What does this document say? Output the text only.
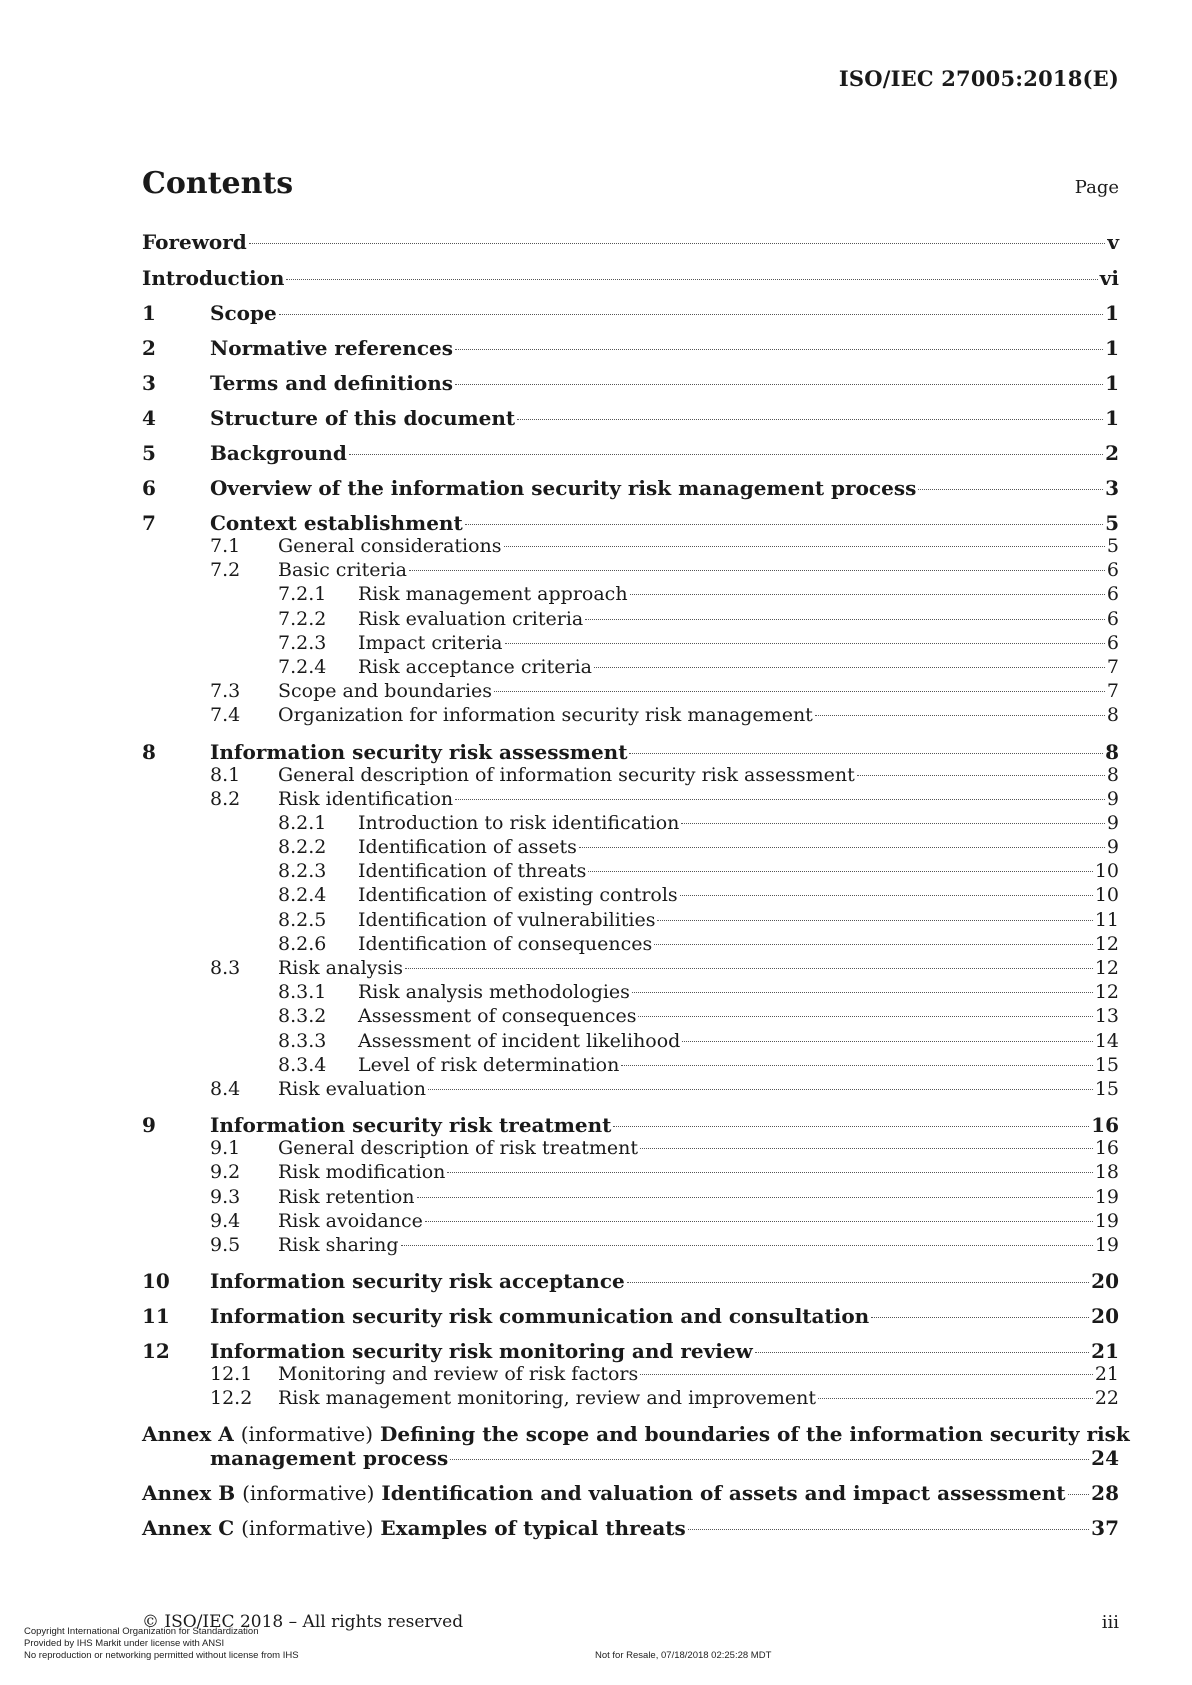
ISO/IEC 27005:2018(E)
Contents	Page
Foreword	v
Introduction	vi
1	Scope	1
2	Normative references	1
3	Terms and definitions	1
4	Structure of this document	1
5	Background	2
6	Overview of the information security risk management process	3
7	Context establishment	5
7.1	General considerations	5
7.2	Basic criteria	6
7.2.1	Risk management approach	6
7.2.2	Risk evaluation criteria	6
7.2.3	Impact criteria	6
7.2.4	Risk acceptance criteria	7
7.3	Scope and boundaries	7
7.4	Organization for information security risk management	8
8	Information security risk assessment	8
8.1	General description of information security risk assessment	8
8.2	Risk identification	9
8.2.1	Introduction to risk identification	9
8.2.2	Identification of assets	9
8.2.3	Identification of threats	10
8.2.4	Identification of existing controls	10
8.2.5	Identification of vulnerabilities	11
8.2.6	Identification of consequences	12
8.3	Risk analysis	12
8.3.1	Risk analysis methodologies	12
8.3.2	Assessment of consequences	13
8.3.3	Assessment of incident likelihood	14
8.3.4	Level of risk determination	15
8.4	Risk evaluation	15
9	Information security risk treatment	16
9.1	General description of risk treatment	16
9.2	Risk modification	18
9.3	Risk retention	19
9.4	Risk avoidance	19
9.5	Risk sharing	19
10	Information security risk acceptance	20
11	Information security risk communication and consultation	20
12	Information security risk monitoring and review	21
12.1	Monitoring and review of risk factors	21
12.2	Risk management monitoring, review and improvement	22
Annex A (informative) Defining the scope and boundaries of the information security risk
management process	24
Annex B (informative) Identification and valuation of assets and impact assessment 28
Annex C (informative) Examples of typical threats	37
© ISO/IEC 2018 – All rights reserved	iii
Copyright International Organization for Standardization
Provided by IHS Markit under license with ANSI
No reproduction or networking permitted without license from IHS	Not for Resale, 07/18/2018 02:25:28 MDT
